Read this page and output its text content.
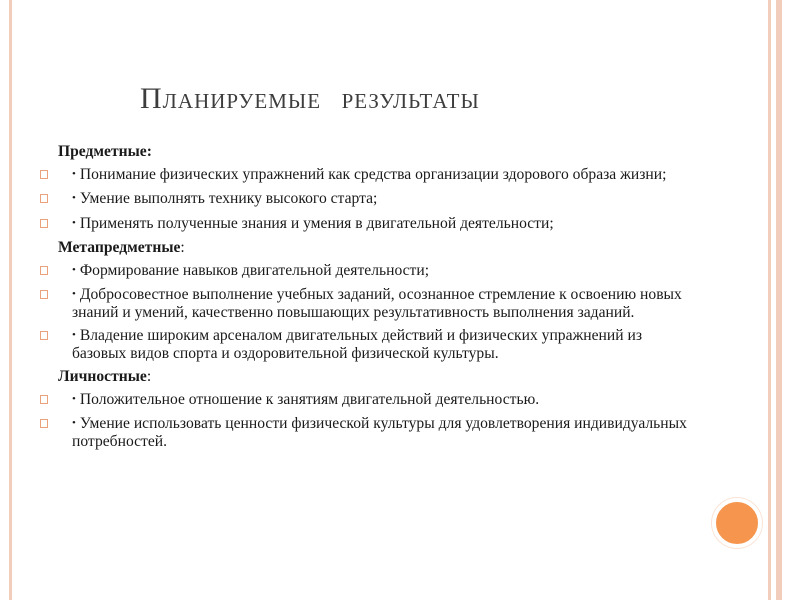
Планируемые результаты
Предметные:
• Понимание физических упражнений как средства организации здорового образа жизни;
• Умение выполнять технику высокого старта;
• Применять полученные знания и умения в двигательной деятельности;
Метапредметные:
• Формирование навыков двигательной деятельности;
• Добросовестное выполнение учебных заданий, осознанное стремление к освоению новых знаний и умений, качественно повышающих результативность выполнения заданий.
• Владение широким арсеналом двигательных действий и физических упражнений из базовых видов спорта и оздоровительной физической культуры.
Личностные:
• Положительное отношение к занятиям двигательной деятельностью.
• Умение использовать ценности физической культуры для удовлетворения индивидуальных потребностей.
